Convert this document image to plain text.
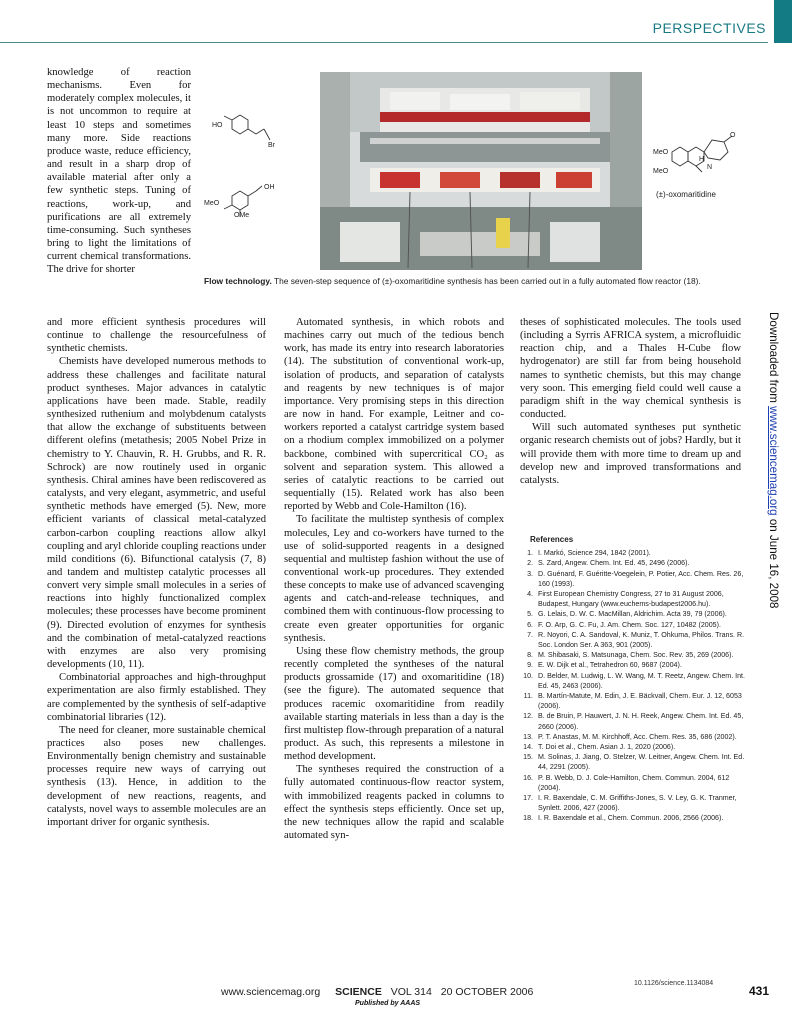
PERSPECTIVES

knowledge of reaction mechanisms. Even for moderately complex molecules, it is not uncommon to require at least 10 steps and sometimes many more. Side reactions produce waste, reduce efficiency, and result in a sharp drop of available material after only a few synthetic steps. Tuning of reactions, work-up, and purifications are all extremely time-consuming. Such syntheses bring to light the limitations of current chemical transformations. The drive for shorter

HO
Br
MeO
OH
OMe
MeO
MeO
H
N
O
(±)-oxomaritidine
Flow technology. The seven-step sequence of (±)-oxomaritidine synthesis has been carried out in a fully automated flow reactor (18).

and more efficient synthesis procedures will continue to challenge the resourcefulness of synthetic chemists.

Chemists have developed numerous methods to address these challenges and facilitate natural product syntheses. Major advances in catalytic applications have been made. Stable, readily synthesized ruthenium and molybdenum catalysts that allow the exchange of substituents between different olefins (metathesis; 2005 Nobel Prize in chemistry to Y. Chauvin, R. H. Grubbs, and R. R. Schrock) are now routinely used in organic synthesis. Chiral amines have been rediscovered as catalysts, and very elegant, asymmetric, and useful synthetic methods have emerged (5). New, more efficient variants of classical metal-catalyzed carbon-carbon coupling reactions allow alkyl coupling and aryl chloride coupling reactions under mild conditions (6). Bifunctional catalysis (7, 8) and tandem and multistep catalytic processes all convert very simple small molecules in a series of reactions into highly functionalized complex molecules; these processes have become prominent (9). Directed evolution of enzymes for synthesis and the combination of metal-catalyzed reactions with enzymes are also very promising developments (10, 11).

Combinatorial approaches and high-throughput experimentation are also firmly established. They are complemented by the synthesis of self-adaptive combinatorial libraries (12).

The need for cleaner, more sustainable chemical practices also poses new challenges. Environmentally benign chemistry and sustainable processes require new ways of carrying out synthesis (13). Hence, in addition to the development of new reactions, reagents, and catalysts, novel ways to assemble molecules are an important driver for organic synthesis.

Automated synthesis, in which robots and machines carry out much of the tedious bench work, has made its entry into research laboratories (14). The substitution of conventional work-up, isolation of products, and separation of catalysts and reagents by new techniques is of major importance. Very promising steps in this direction are now in hand. For example, Leitner and co-workers reported a catalyst cartridge system based on a rhodium complex immobilized on a polymer backbone, combined with supercritical CO₂ as solvent and separation system. This allowed a series of catalytic reactions to be carried out sequentially (15). Related work has also been reported by Webb and Cole-Hamilton (16).

To facilitate the multistep synthesis of complex molecules, Ley and co-workers have turned to the use of solid-supported reagents in a designed sequential and multistep fashion without the use of conventional work-up procedures. They extended these concepts to make use of advanced scavenging agents and catch-and-release techniques, and combined them with continuous-flow processing to create even greater opportunities for organic synthesis.

Using these flow chemistry methods, the group recently completed the syntheses of the natural products grossamide (17) and oxomaritidine (18) (see the figure). The automated sequence that produces racemic oxomaritidine from readily available starting materials in less than a day is the first multistep flow-through preparation of a natural product. As such, this represents a milestone in method development.

The syntheses required the construction of a fully automated continuous-flow reactor system, with immobilized reagents packed in columns to effect the synthesis steps efficiently. Once set up, the new techniques allow the rapid and scalable automated syn-

theses of sophisticated molecules. The tools used (including a Syrris AFRICA system, a microfluidic reaction chip, and a Thales H-Cube flow hydrogenator) are still far from being household names to synthetic chemists, but this may change very soon. This emerging field could well cause a paradigm shift in the way chemical synthesis is conducted.

Will such automated syntheses put synthetic organic research chemists out of jobs? Hardly, but it will provide them with more time to dream up and develop new and improved transformations and catalysts.

References
1. I. Markó, Science 294, 1842 (2001).
2. S. Zard, Angew. Chem. Int. Ed. 45, 2496 (2006).
3. D. Guénard, F. Guéritte-Voegelein, P. Potier, Acc. Chem. Res. 26, 160 (1993).
4. First European Chemistry Congress, 27 to 31 August 2006, Budapest, Hungary (www.euchems-budapest2006.hu).
5. G. Lelais, D. W. C. MacMillan, Aldrichim. Acta 39, 79 (2006).
6. F. O. Arp, G. C. Fu, J. Am. Chem. Soc. 127, 10482 (2005).
7. R. Noyori, C. A. Sandoval, K. Muniz, T. Ohkuma, Philos. Trans. R. Soc. London Ser. A 363, 901 (2005).
8. M. Shibasaki, S. Matsunaga, Chem. Soc. Rev. 35, 269 (2006).
9. E. W. Dijk et al., Tetrahedron 60, 9687 (2004).
10. D. Belder, M. Ludwig, L. W. Wang, M. T. Reetz, Angew. Chem. Int. Ed. 45, 2463 (2006).
11. B. Martín-Matute, M. Edin, J. E. Bäckvall, Chem. Eur. J. 12, 6053 (2006).
12. B. de Bruin, P. Hauwert, J. N. H. Reek, Angew. Chem. Int. Ed. 45, 2660 (2006).
13. P. T. Anastas, M. M. Kirchhoff, Acc. Chem. Res. 35, 686 (2002).
14. T. Doi et al., Chem. Asian J. 1, 2020 (2006).
15. M. Solinas, J. Jiang, O. Stelzer, W. Leitner, Angew. Chem. Int. Ed. 44, 2291 (2005).
16. P. B. Webb, D. J. Cole-Hamilton, Chem. Commun. 2004, 612 (2004).
17. I. R. Baxendale, C. M. Griffiths-Jones, S. V. Ley, G. K. Tranmer, Synlett. 2006, 427 (2006).
18. I. R. Baxendale et al., Chem. Commun. 2006, 2566 (2006).
10.1126/science.1134084
Downloaded from www.sciencemag.org on June 16, 2008
www.sciencemag.org SCIENCE VOL 314 20 OCTOBER 2006	431
Published by AAAS
